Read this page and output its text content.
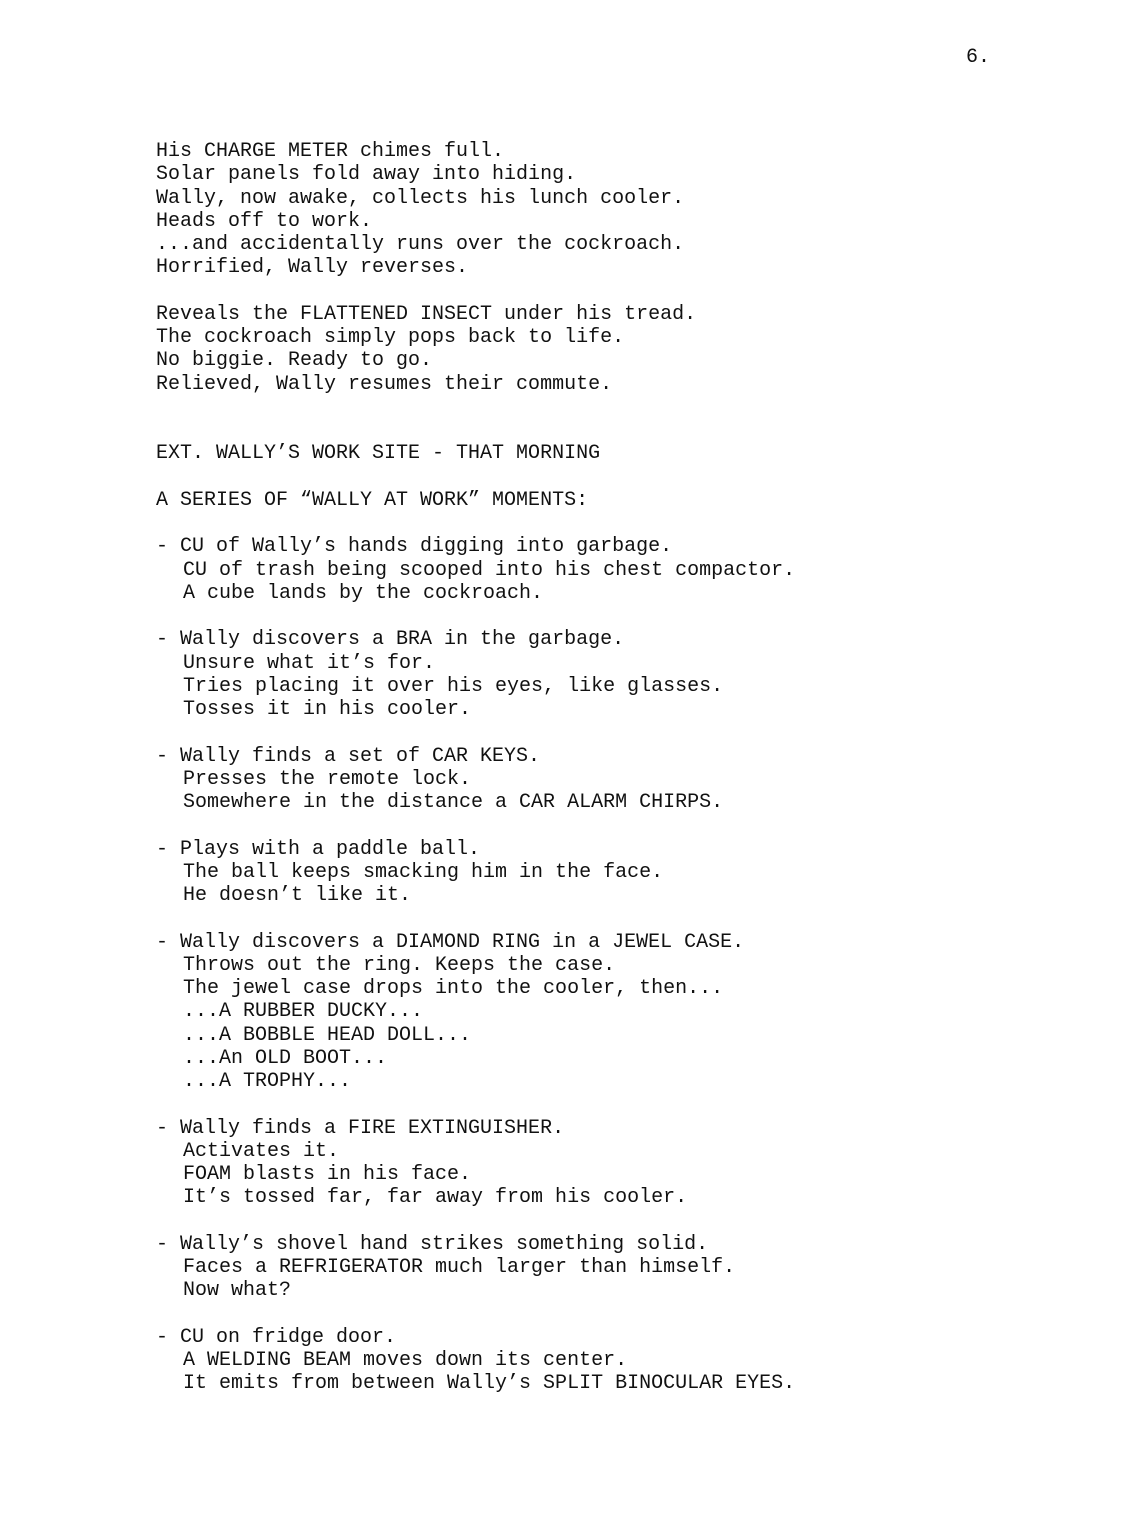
6.
His CHARGE METER chimes full.
Solar panels fold away into hiding.
Wally, now awake, collects his lunch cooler.
Heads off to work.
...and accidentally runs over the cockroach.
Horrified, Wally reverses.
Reveals the FLATTENED INSECT under his tread.
The cockroach simply pops back to life.
No biggie. Ready to go.
Relieved, Wally resumes their commute.
EXT. WALLY’S WORK SITE - THAT MORNING
A SERIES OF “WALLY AT WORK” MOMENTS:
- CU of Wally’s hands digging into garbage.
CU of trash being scooped into his chest compactor.
A cube lands by the cockroach.
- Wally discovers a BRA in the garbage.
Unsure what it’s for.
Tries placing it over his eyes, like glasses.
Tosses it in his cooler.
- Wally finds a set of CAR KEYS.
Presses the remote lock.
Somewhere in the distance a CAR ALARM CHIRPS.
- Plays with a paddle ball.
The ball keeps smacking him in the face.
He doesn’t like it.
- Wally discovers a DIAMOND RING in a JEWEL CASE.
Throws out the ring. Keeps the case.
The jewel case drops into the cooler, then...
...A RUBBER DUCKY...
...A BOBBLE HEAD DOLL...
...An OLD BOOT...
...A TROPHY...
- Wally finds a FIRE EXTINGUISHER.
Activates it.
FOAM blasts in his face.
It’s tossed far, far away from his cooler.
- Wally’s shovel hand strikes something solid.
Faces a REFRIGERATOR much larger than himself.
Now what?
- CU on fridge door.
A WELDING BEAM moves down its center.
It emits from between Wally’s SPLIT BINOCULAR EYES.
